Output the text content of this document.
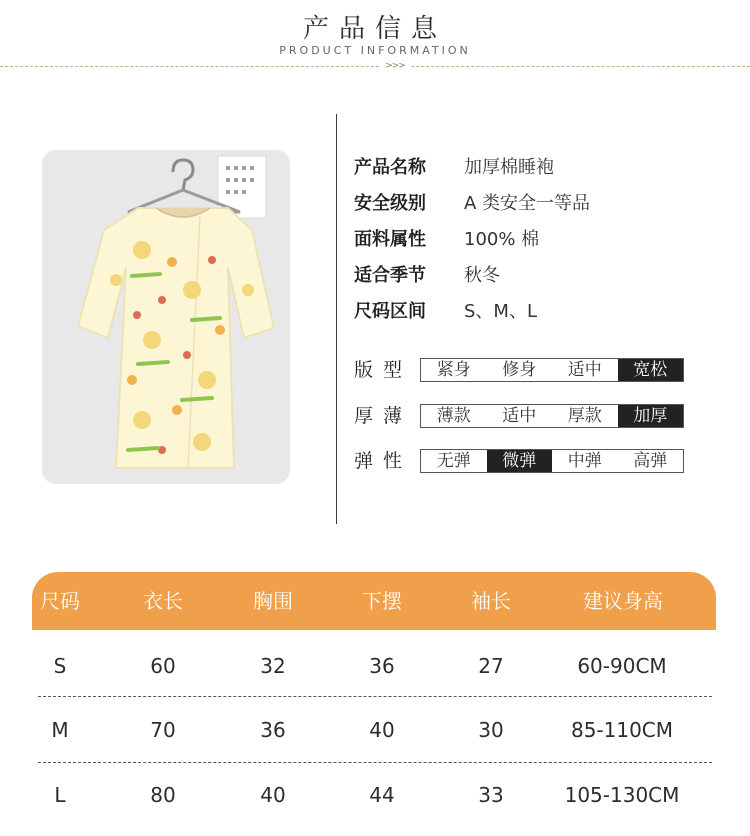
产品信息
PRODUCT INFORMATION
>>>
产品名称 加厚棉睡袍
安全级别 A 类安全一等品
面料属性 100% 棉
适合季节 秋冬
尺码区间 S、M、L
版型	紧身	修身	适中	宽松
厚薄	薄款	适中	厚款	加厚
弹性	无弹	微弹	中弹	高弹
尺码	衣长	胸围	下摆	袖长	建议身高
S	60	32	36	27	60-90CM
M	70	36	40	30	85-110CM
L	80	40	44	33	105-130CM
